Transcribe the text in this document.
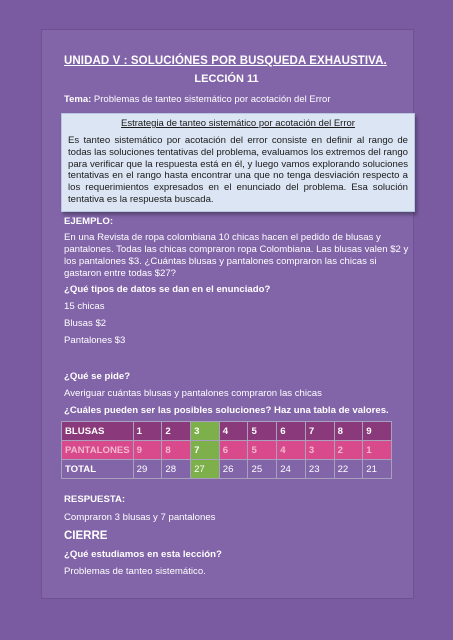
UNIDAD V : SOLUCIÓNES POR BUSQUEDA EXHAUSTIVA.
LECCIÓN 11
Tema: Problemas de tanteo sistemático por acotación del Error
Estrategia de tanteo sistemático por acotación del Error
Es tanteo sistemático por acotación del error consiste en definir al rango de todas las soluciones tentativas del problema, evaluamos los extremos del rango para verificar que la respuesta está en él, y luego vamos explorando soluciones tentativas en el rango hasta encontrar una que no tenga desviación respecto a los requerimientos expresados en el enunciado del problema. Esa solución tentativa es la respuesta buscada.
EJEMPLO:
En una Revista de ropa colombiana 10 chicas hacen el pedido de blusas y pantalones. Todas las chicas compraron ropa Colombiana. Las blusas valen $2 y los pantalones $3. ¿Cuántas blusas y pantalones compraron las chicas si gastaron entre todas $27?
¿Qué tipos de datos se dan en el enunciado?
15 chicas
Blusas $2
Pantalones $3
¿Qué se pide?
Averiguar cuántas blusas y pantalones compraron las chicas
¿Cuáles pueden ser las posibles soluciones? Haz una tabla de valores.
BLUSAS	1	2	3	4	5	6	7	8	9
PANTALONES	9	8	7	6	5	4	3	2	1
TOTAL	29	28	27	26	25	24	23	22	21
RESPUESTA:
Compraron 3 blusas y 7 pantalones
CIERRE
¿Qué estudiamos en esta lección?
Problemas de tanteo sistemático.
